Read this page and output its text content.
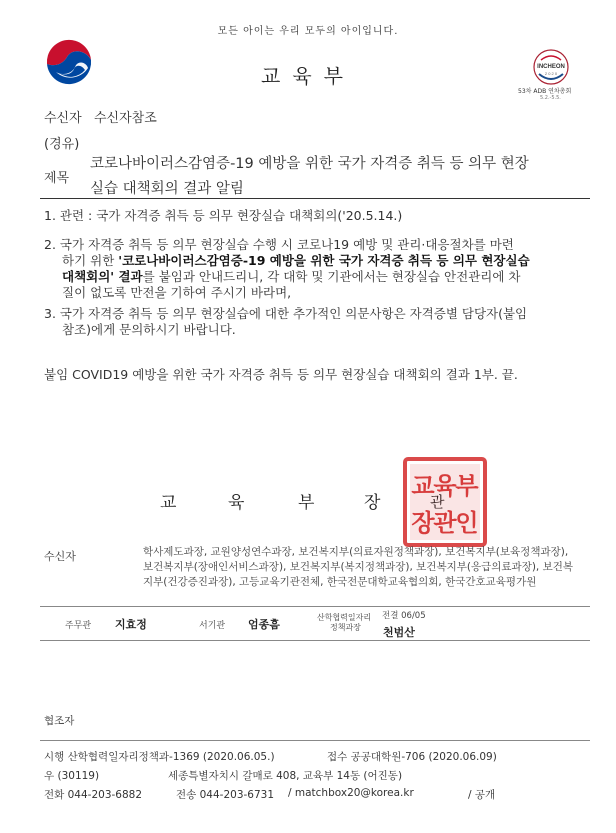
모든 아이는 우리 모두의 아이입니다.
교육부	INCHEON
2 0 2 0
53차 ADB 연차총회
5.2.-5.5.
수신자 수신자참조
(경유)
제목
코로나바이러스감염증-19 예방을 위한 국가 자격증 취득 등 의무 현장
실습 대책회의 결과 알림
1. 관련 : 국가 자격증 취득 등 의무 현장실습 대책회의('20.5.14.)
2. 국가 자격증 취득 등 의무 현장실습 수행 시 코로나19 예방 및 관리·대응절차를 마련
하기 위한 '코로나바이러스감염증-19 예방을 위한 국가 자격증 취득 등 의무 현장실습
대책회의' 결과를 붙임과 안내드리니, 각 대학 및 기관에서는 현장실습 안전관리에 차
질이 없도록 만전을 기하여 주시기 바라며,
3. 국가 자격증 취득 등 의무 현장실습에 대한 추가적인 의문사항은 자격증별 담당자(붙임
참조)에게 문의하시기 바랍니다.
붙임 COVID19 예방을 위한 국가 자격증 취득 등 의무 현장실습 대책회의 결과 1부. 끝.
교	육	부	장	관
교
육
부
장
관
인
수신자	학사제도과장, 교원양성연수과장, 보건복지부(의료자원정책과장), 보건복지부(보육정책과장), 보건복지부(장애인서비스과장), 보건복지부(복지정책과장), 보건복지부(응급의료과장), 보건복지부(건강증진과장), 고등교육기관전체, 한국전문대학교육협의회, 한국간호교육평가원
주무관 지효정	서기관 엄종흠
산학협력일자리
정책과장
전결 06/05
천범산
협조자
시행 산학협력일자리정책과-1369 (2020.06.05.)	접수 공공대학원-706 (2020.06.09)
우 (30119)	세종특별자치시 갈매로 408, 교육부 14동 (어진동)
전화 044-203-6882	전송 044-203-6731 / matchbox20@korea.kr	/ 공개
